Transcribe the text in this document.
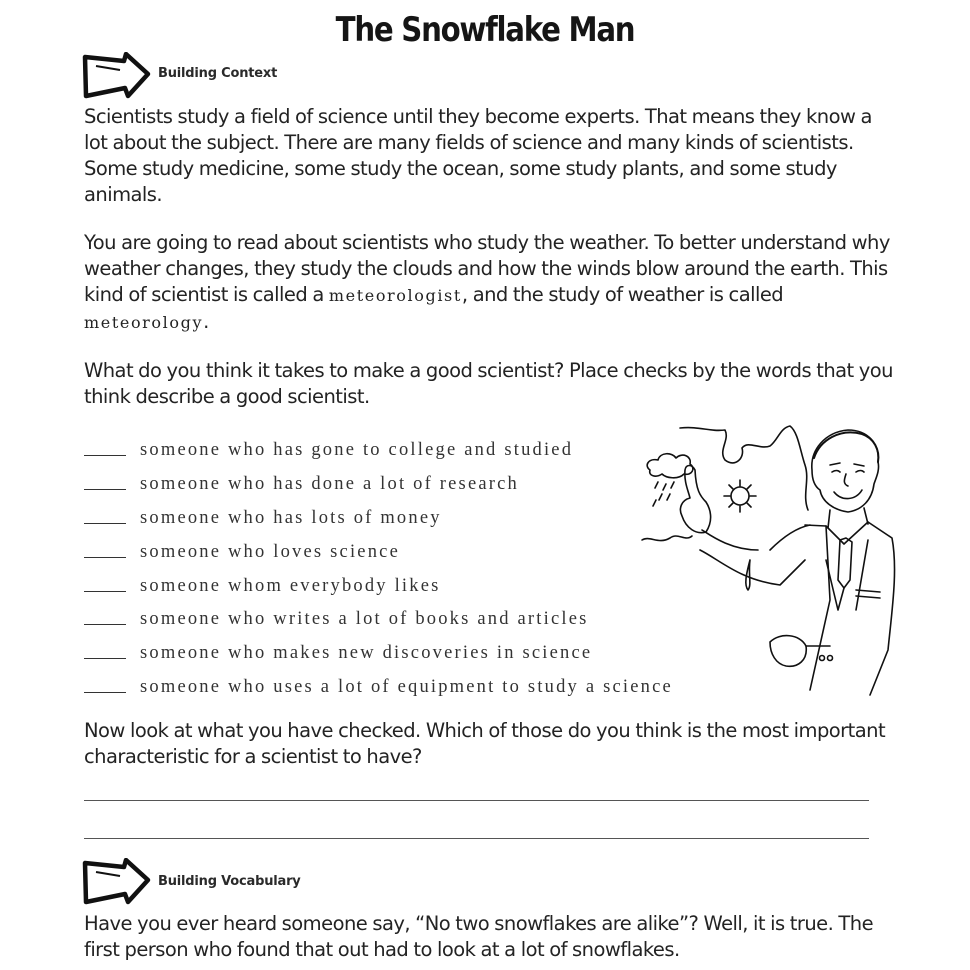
The Snowflake Man
Building Context

Scientists study a field of science until they become experts. That means they know a lot about the subject. There are many fields of science and many kinds of scientists. Some study medicine, some study the ocean, some study plants, and some study animals.

You are going to read about scientists who study the weather. To better understand why weather changes, they study the clouds and how the winds blow around the earth. This kind of scientist is called a meteorologist, and the study of weather is called meteorology.

What do you think it takes to make a good scientist? Place checks by the words that you think describe a good scientist.

someone who has gone to college and studied
someone who has done a lot of research
someone who has lots of money
someone who loves science
someone whom everybody likes
someone who writes a lot of books and articles
someone who makes new discoveries in science
someone who uses a lot of equipment to study a science

Now look at what you have checked. Which of those do you think is the most important characteristic for a scientist to have?

Building Vocabulary

Have you ever heard someone say, “No two snowflakes are alike”? Well, it is true. The first person who found that out had to look at a lot of snowflakes.
